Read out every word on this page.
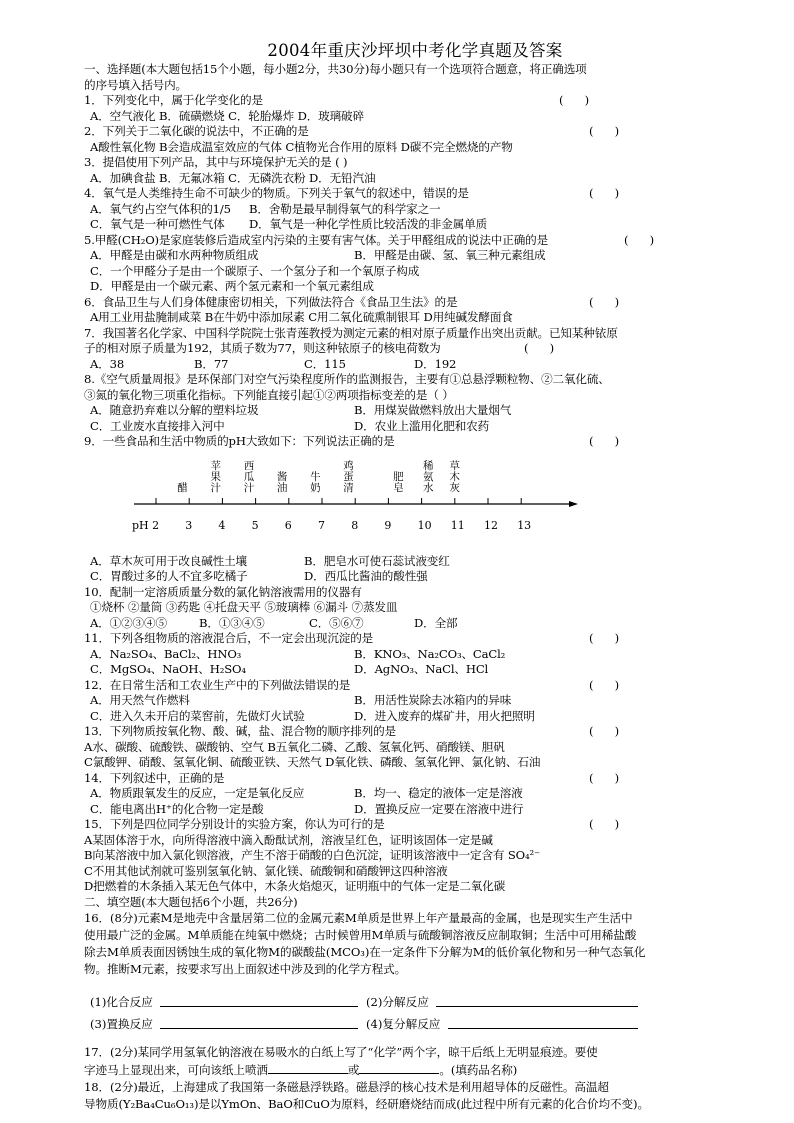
2004年重庆沙坪坝中考化学真题及答案
一、选择题(本大题包括15个小题，每小题2分，共30分)每小题只有一个选项符合题意，将正确选项
的序号填入括号内。
1．下列变化中，属于化学变化的是	(      )
A．空气液化 B．硫磺燃烧 C．轮胎爆炸 D．玻璃破碎
2．下列关于二氧化碳的说法中，不正确的是	(      )
A酸性氧化物 B会造成温室效应的气体 C植物光合作用的原料 D碳不完全燃烧的产物
3．提倡使用下列产品，其中与环境保护无关的是 ( )
A．加碘食盐 B．无氟冰箱 C．无磷洗衣粉 D．无铅汽油
4．氧气是人类维持生命不可缺少的物质。下列关于氧气的叙述中，错误的是	(      )
A．氧气约占空气体积的1/5 B．舍勒是最早制得氧气的科学家之一
C．氧气是一种可燃性气体 D．氧气是一种化学性质比较活泼的非金属单质
5.甲醛(CH₂O)是家庭装修后造成室内污染的主要有害气体。关于甲醛组成的说法中正确的是	(      )
A．甲醛是由碳和水两种物质组成	B．甲醛是由碳、氢、氧三种元素组成
C．一个甲醛分子是由一个碳原子、一个氢分子和一个氧原子构成
D．甲醛是由一个碳元素、两个氢元素和一个氧元素组成
6．食品卫生与人们身体健康密切相关，下列做法符合《食品卫生法》的是	(      )
A用工业用盐腌制咸菜 B在牛奶中添加尿素 C用二氧化硫熏制银耳 D用纯碱发酵面食
7．我国著名化学家、中国科学院院士张青莲教授为测定元素的相对原子质量作出突出贡献。已知某种铱原
子的相对原子质量为192，其质子数为77，则这种铱原子的核电荷数为	(      )
A．38	B．77	C．115	D．192
8.《空气质量周报》是环保部门对空气污染程度所作的监测报告，主要有①总悬浮颗粒物、②二氧化硫、
③氮的氧化物三项重化指标。下列能直接引起①②两项指标变差的是（ ）
A．随意扔弃难以分解的塑料垃圾	B．用煤炭做燃料放出大量烟气
C．工业废水直接排入河中	D．农业上滥用化肥和农药
9．一些食品和生活中物质的pH大致如下：下列说法正确的是	(      )
pH 2 3 4 5 6 7 8 9 10 11 12 13
醋
苹
果
汁
西
瓜
汁
酱
油
牛
奶
鸡
蛋
清
肥
皂
稀
氨
水
草
木
灰
A．草木灰可用于改良碱性土壤	B．肥皂水可使石蕊试液变红
C．胃酸过多的人不宜多吃橘子	D．西瓜比酱油的酸性强
10．配制一定溶质质量分数的氯化钠溶液需用的仪器有
①烧杯 ②量筒 ③药匙 ④托盘天平 ⑤玻璃棒 ⑥漏斗 ⑦蒸发皿
A．①②③④⑤	B．①③④⑤	C．⑤⑥⑦	D．全部
11．下列各组物质的溶液混合后，不一定会出现沉淀的是	(      )
A．Na₂SO₄、BaCl₂、HNO₃	B．KNO₃、Na₂CO₃、CaCl₂
C．MgSO₄、NaOH、H₂SO₄	D．AgNO₃、NaCl、HCl
12．在日常生活和工农业生产中的下列做法错误的是	(      )
A．用天然气作燃料	B．用活性炭除去冰箱内的异味
C．进入久未开启的菜窖前，先做灯火试验	D．进入废弃的煤矿井，用火把照明
13．下列物质按氧化物、酸、碱，盐、混合物的顺序排列的是	(      )
A水、碳酸、硫酸铁、碳酸钠、空气 B五氧化二磷、乙酸、氢氧化钙、硝酸镁、胆矾
C氯酸钾、硝酸、氢氧化铜、硫酸亚铁、天然气 D氧化铁、磷酸、氢氧化钾、氯化钠、石油
14．下列叙述中，正确的是	(      )
A．物质跟氧发生的反应，一定是氧化反应	B．均一、稳定的液体一定是溶液
C．能电离出H⁺的化合物一定是酸	D．置换反应一定要在溶液中进行
15．下列是四位同学分别设计的实验方案，你认为可行的是	(      )
A某固体溶于水，向所得溶液中滴入酚酞试剂，溶液呈红色，证明该固体一定是碱
B向某溶液中加入氯化钡溶液，产生不溶于硝酸的白色沉淀，证明该溶液中一定含有 SO₄²⁻
C不用其他试剂就可鉴别氢氧化钠、氯化镁、硫酸铜和硝酸钾这四种溶液
D把燃着的木条插入某无色气体中，木条火焰熄灭，证明瓶中的气体一定是二氧化碳
二、填空题(本大题包括6个小题，共26分)
16．(8分)元素M是地壳中含量居第二位的金属元素M单质是世界上年产量最高的金属，也是现实生产生活中
使用最广泛的金属。M单质能在纯氧中燃烧；古时候曾用M单质与硫酸铜溶液反应制取铜；生活中可用稀盐酸
除去M单质表面因锈蚀生成的氧化物M的碳酸盐(MCO₃)在一定条件下分解为M的低价氧化物和另一种气态氧化
物。推断M元素，按要求写出上面叙述中涉及到的化学方程式。
(1)化合反应	(2)分解反应
(3)置换反应	(4)复分解反应
17．(2分)某同学用氢氧化钠溶液在易吸水的白纸上写了“化学”两个字，晾干后纸上无明显痕迹。要使
字迹马上显现出来，可向该纸上喷洒	或	。(填药品名称)
18．(2分)最近，上海建成了我国第一条磁悬浮铁路。磁悬浮的核心技术是利用超导体的反磁性。高温超
导物质(Y₂Ba₄Cu₆O₁₃)是以YmOn、BaO和CuO为原料，经研磨烧结而成(此过程中所有元素的化合价均不变)。
